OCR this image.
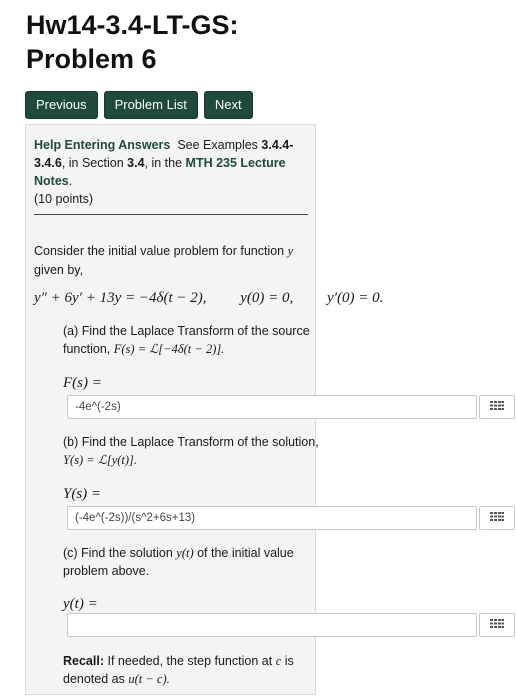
Hw14-3.4-LT-GS:
Problem 6
Previous	Problem List	Next
Help Entering Answers See Examples 3.4.4-3.4.6, in Section 3.4, in the MTH 235 Lecture Notes.
(10 points)
Consider the initial value problem for function y given by,
y″ + 6y′ + 13y = −4δ(t − 2), y(0) = 0, y′(0) = 0.
(a) Find the Laplace Transform of the source function, F(s) = ℒ[−4δ(t − 2)].
F(s) =
-4e^(-2s)
(b) Find the Laplace Transform of the solution, Y(s) = ℒ[y(t)].
Y(s) =
(-4e^(-2s))/(s^2+6s+13)
(c) Find the solution y(t) of the initial value problem above.
y(t) =
Recall: If needed, the step function at c is denoted as u(t − c).
